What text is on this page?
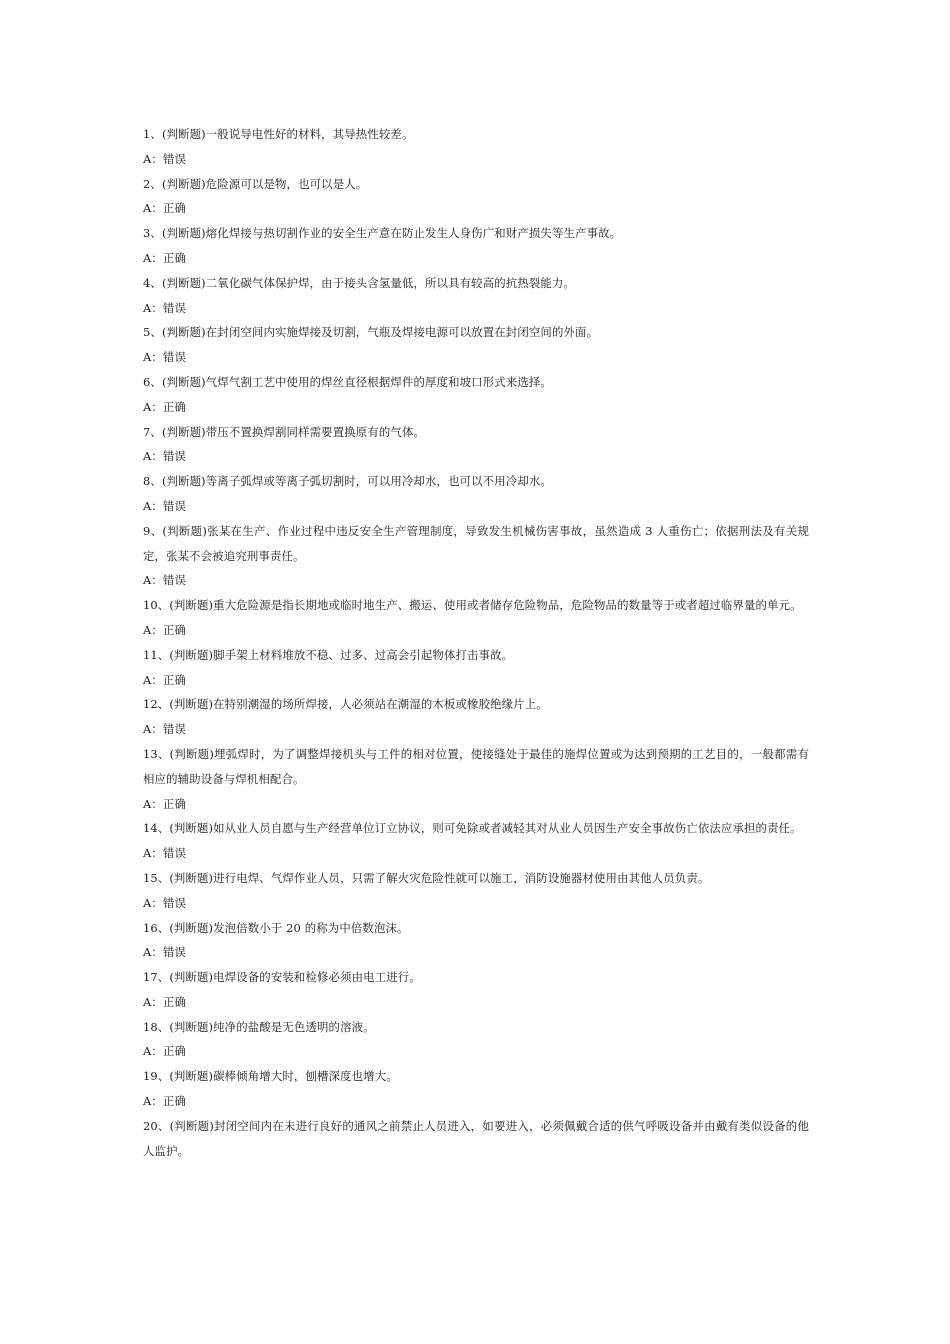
1、(判断题)一般说导电性好的材料，其导热性较差。

A：错误

2、(判断题)危险源可以是物，也可以是人。

A：正确

3、(判断题)熔化焊接与热切割作业的安全生产意在防止发生人身伤广和财产损失等生产事故。

A：正确

4、(判断题)二氧化碳气体保护焊，由于接头含氢量低，所以具有较高的抗热裂能力。

A：错误

5、(判断题)在封闭空间内实施焊接及切割，气瓶及焊接电源可以放置在封闭空间的外面。

A：错误

6、(判断题)气焊气割工艺中使用的焊丝直径根据焊件的厚度和坡口形式来选择。

A：正确

7、(判断题)带压不置换焊割同样需要置换原有的气体。

A：错误

8、(判断题)等离子弧焊或等离子弧切割时，可以用冷却水，也可以不用冷却水。

A：错误

9、(判断题)张某在生产、作业过程中违反安全生产管理制度，导致发生机械伤害事故，虽然造成 3 人重伤亡；依据刑法及有关规定，张某不会被追究刑事责任。

A：错误

10、(判断题)重大危险源是指长期地或临时地生产、搬运、使用或者储存危险物品，危险物品的数量等于或者超过临界量的单元。

A：正确

11、(判断题)脚手架上材料堆放不稳、过多、过高会引起物体打击事故。

A：正确

12、(判断题)在特别潮湿的场所焊接，人必须站在潮湿的木板或橡胶绝缘片上。

A：错误

13、(判断题)埋弧焊时，为了调整焊接机头与工件的相对位置，使接缝处于最佳的施焊位置或为达到预期的工艺目的，一般都需有相应的辅助设备与焊机相配合。

A：正确

14、(判断题)如从业人员自愿与生产经营单位订立协议，则可免除或者减轻其对从业人员因生产安全事故伤亡依法应承担的责任。

A：错误

15、(判断题)进行电焊、气焊作业人员，只需了解火灾危险性就可以施工，消防设施器材使用由其他人员负责。

A：错误

16、(判断题)发泡倍数小于 20 的称为中倍数泡沫。

A：错误

17、(判断题)电焊设备的安装和检修必须由电工进行。

A：正确

18、(判断题)纯净的盐酸是无色透明的溶液。

A：正确

19、(判断题)碳棒倾角增大时，刨槽深度也增大。

A：正确

20、(判断题)封闭空间内在未进行良好的通风之前禁止人员进入，如要进入，必须佩戴合适的供气呼吸设备并由戴有类似设备的他人监护。
